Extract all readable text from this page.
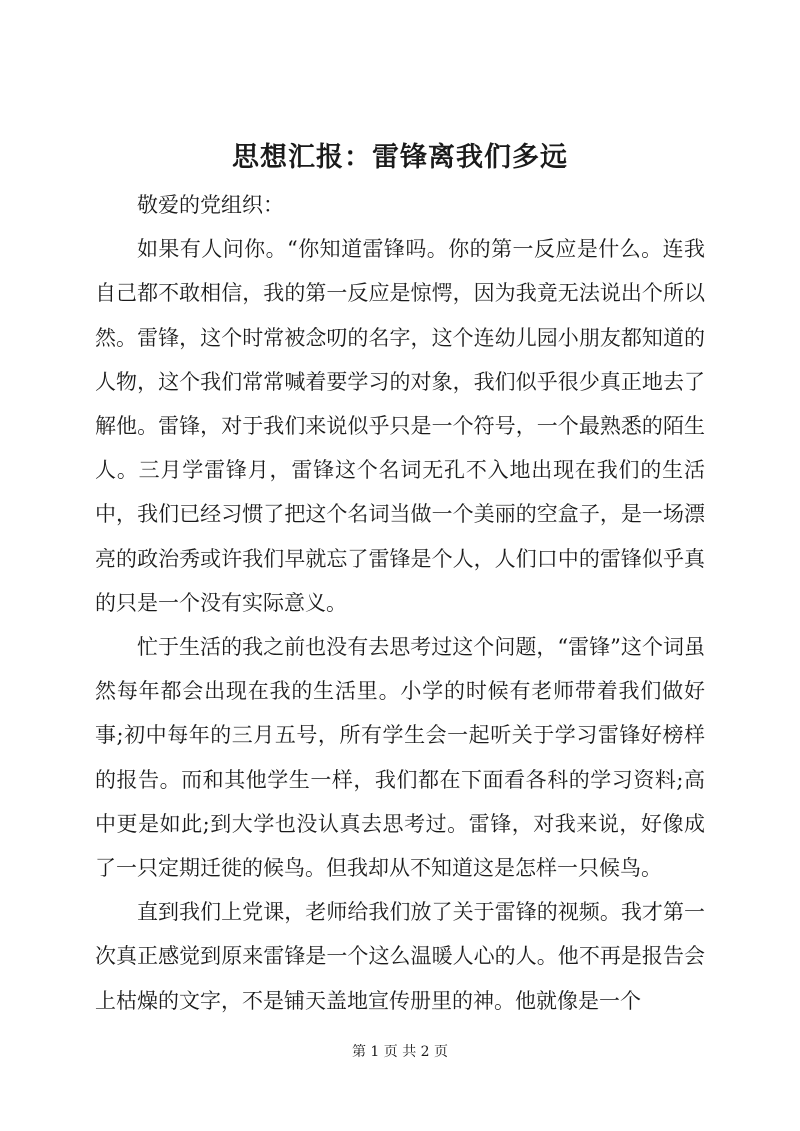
思想汇报：雷锋离我们多远

敬爱的党组织：

如果有人问你。“你知道雷锋吗。你的第一反应是什么。连我自己都不敢相信，我的第一反应是惊愕，因为我竟无法说出个所以然。雷锋，这个时常被念叨的名字，这个连幼儿园小朋友都知道的人物，这个我们常常喊着要学习的对象，我们似乎很少真正地去了解他。雷锋，对于我们来说似乎只是一个符号，一个最熟悉的陌生人。三月学雷锋月，雷锋这个名词无孔不入地出现在我们的生活中，我们已经习惯了把这个名词当做一个美丽的空盒子，是一场漂亮的政治秀或许我们早就忘了雷锋是个人，人们口中的雷锋似乎真的只是一个没有实际意义。

忙于生活的我之前也没有去思考过这个问题，“雷锋”这个词虽然每年都会出现在我的生活里。小学的时候有老师带着我们做好事;初中每年的三月五号，所有学生会一起听关于学习雷锋好榜样的报告。而和其他学生一样，我们都在下面看各科的学习资料;高中更是如此;到大学也没认真去思考过。雷锋，对我来说，好像成了一只定期迁徙的候鸟。但我却从不知道这是怎样一只候鸟。

直到我们上党课，老师给我们放了关于雷锋的视频。我才第一次真正感觉到原来雷锋是一个这么温暖人心的人。他不再是报告会上枯燥的文字，不是铺天盖地宣传册里的神。他就像是一个

第 1 页 共 2 页
